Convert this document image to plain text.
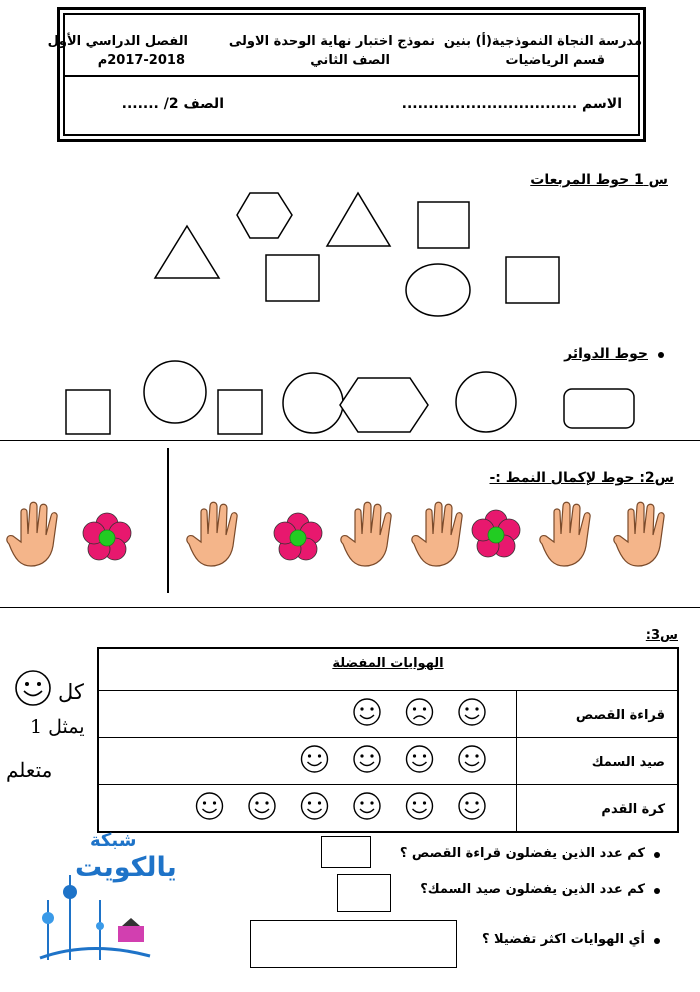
مدرسة النجاة النموذجية(أ) بنين
قسم الرياضيات
نموذج اختبار نهاية الوحدة الاولى
الصف الثاني
الفصل الدراسي الأول
2017-2018م
الاسم .................................
الصف 2/ .......
س 1 حوط المربعات
حوط الدوائر
س2: حوط لإكمال النمط :-
س3:
الهوايات المفضلة	
	قراءة القصص
	صيد السمك
	كرة القدم
كل
يمثل 1
متعلم
كم عدد الذين يفضلون قراءة القصص ؟
كم عدد الذين يفضلون صيد السمك؟
أي الهوايات اكثر تفضيلا ؟
شبكة
يالكويت
